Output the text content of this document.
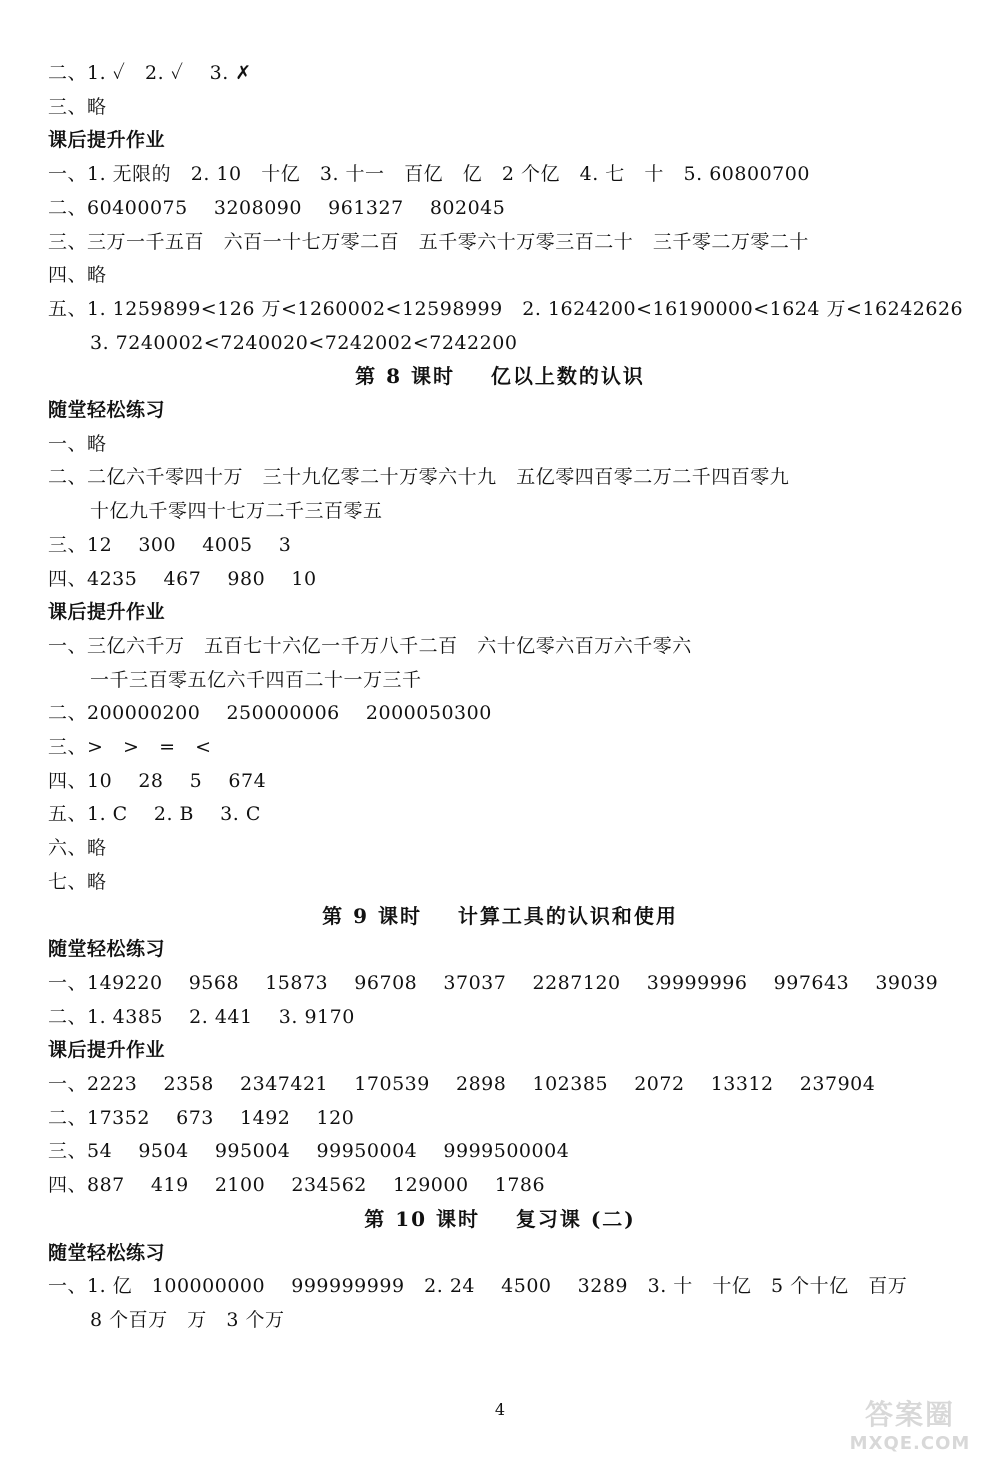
二、1. ✓   2. ✓    3. ✗
三、略
课后提升作业
一、1. 无限的   2. 10   十亿   3. 十一   百亿   亿   2 个亿   4. 七   十   5. 60800700
二、60400075    3208090    961327    802045
三、三万一千五百   六百一十七万零二百   五千零六十万零三百二十   三千零二万零二十
四、略
五、1. 1259899<126 万<1260002<12598999   2. 1624200<16190000<1624 万<16242626
3. 7240002<7240020<7242002<7242200
第 8 课时    亿以上数的认识
随堂轻松练习
一、略
二、二亿六千零四十万   三十九亿零二十万零六十九   五亿零四百零二万二千四百零九
十亿九千零四十七万二千三百零五
三、12    300    4005    3
四、4235    467    980    10
课后提升作业
一、三亿六千万   五百七十六亿一千万八千二百   六十亿零六百万六千零六
一千三百零五亿六千四百二十一万三千
二、200000200    250000006    2000050300
三、>   >   =   <
四、10    28    5    674
五、1. C    2. B    3. C
六、略
七、略
第 9 课时    计算工具的认识和使用
随堂轻松练习
一、149220    9568    15873    96708    37037    2287120    39999996    997643    39039
二、1. 4385    2. 441    3. 9170
课后提升作业
一、2223    2358    2347421    170539    2898    102385    2072    13312    237904
二、17352    673    1492    120
三、54    9504    995004    99950004    9999500004
四、887    419    2100    234562    129000    1786
第 10 课时    复习课 (二)
随堂轻松练习
一、1. 亿   100000000    999999999   2. 24    4500    3289   3. 十   十亿   5 个十亿   百万
8 个百万   万   3 个万
4	答案圈
MXQE.COM
